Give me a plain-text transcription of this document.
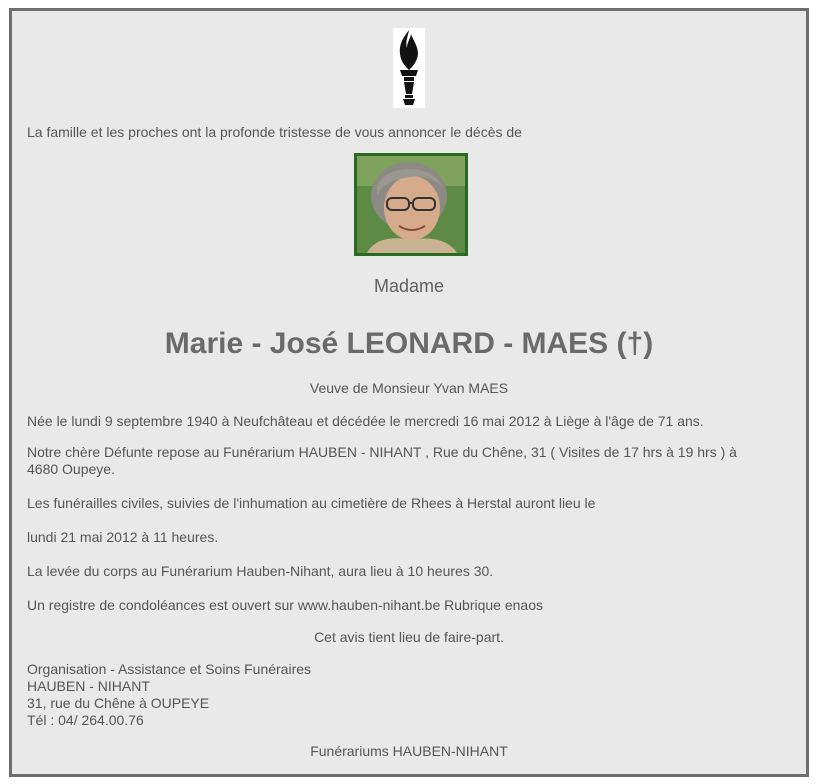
La famille et les proches ont la profonde tristesse de vous annoncer le décès de
Madame
Marie - José LEONARD - MAES (†)
Veuve de Monsieur Yvan MAES
Née le lundi 9 septembre 1940 à Neufchâteau et décédée le mercredi 16 mai 2012 à Liège à l'âge de 71 ans.
Notre chère Défunte repose au Funérarium HAUBEN - NIHANT , Rue du Chêne, 31 ( Visites de 17 hrs à 19 hrs ) à 4680 Oupeye.
Les funérailles civiles, suivies de l'inhumation au cimetière de Rhees à Herstal auront lieu le
lundi 21 mai 2012 à 11 heures.
La levée du corps au Funérarium Hauben-Nihant, aura lieu à 10 heures 30.
Un registre de condoléances est ouvert sur www.hauben-nihant.be Rubrique enaos
Cet avis tient lieu de faire-part.
Organisation - Assistance et Soins Funéraires
HAUBEN - NIHANT
31, rue du Chêne à OUPEYE
Tél : 04/ 264.00.76
Funérariums HAUBEN-NIHANT
